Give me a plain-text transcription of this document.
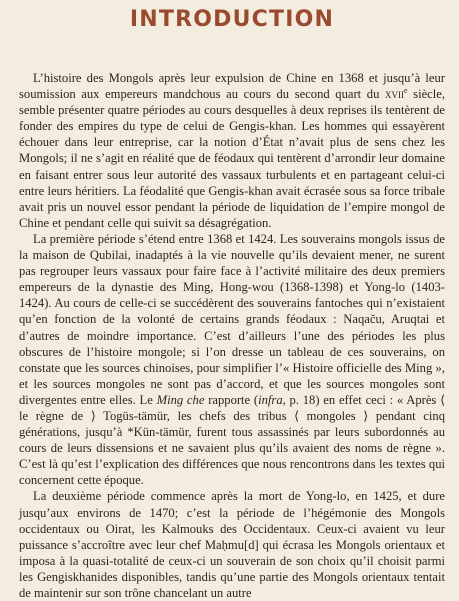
INTRODUCTION

L’histoire des Mongols après leur expulsion de Chine en 1368 et jusqu’à leur soumission aux empereurs mandchous au cours du second quart du xvii$^e$ siècle, semble présenter quatre périodes au cours desquelles à deux reprises ils tentèrent de fonder des empires du type de celui de Gengis-khan. Les hommes qui essayèrent échouer dans leur entreprise, car la notion d’État n’avait plus de sens chez les Mongols; il ne s’agit en réalité que de féodaux qui tentèrent d’arrondir leur domaine en faisant entrer sous leur autorité des vassaux turbulents et en partageant celui-ci entre leurs héritiers. La féodalité que Gengis-khan avait écrasée sous sa force tribale avait pris un nouvel essor pendant la période de liquidation de l’empire mongol de Chine et pendant celle qui suivit sa désagrégation.

La première période s’étend entre 1368 et 1424. Les souverains mongols issus de la maison de Qubilai, inadaptés à la vie nouvelle qu’ils devaient mener, ne surent pas regrouper leurs vassaux pour faire face à l’activité militaire des deux premiers empereurs de la dynastie des Ming, Hong-wou (1368-1398) et Yong-lo (1403-1424). Au cours de celle-ci se succédèrent des souverains fantoches qui n’existaient qu’en fonction de la volonté de certains grands féodaux : Naqaču, Aruqtai et d’autres de moindre importance. C’est d’ailleurs l’une des périodes les plus obscures de l’histoire mongole; si l’on dresse un tableau de ces souverains, on constate que les sources chinoises, pour simplifier l’« Histoire officielle des Ming », et les sources mongoles ne sont pas d’accord, et que les sources mongoles sont divergentes entre elles. Le Ming che rapporte (infra, p. 18) en effet ceci : « Après ⟨ le règne de ⟩ Togüs-tämür, les chefs des tribus ⟨ mongoles ⟩ pendant cinq générations, jusqu’à *Kün-tämür, furent tous assassinés par leurs subordonnés au cours de leurs dissensions et ne savaient plus qu’ils avaient des noms de règne ». C’est là qu’est l’explication des différences que nous rencontrons dans les textes qui concernent cette époque.

La deuxième période commence après la mort de Yong-lo, en 1425, et dure jusqu’aux environs de 1470; c’est la période de l’hégémonie des Mongols occidentaux ou Oirat, les Kalmouks des Occidentaux. Ceux-ci avaient vu leur puissance s’accroître avec leur chef Maḥmu[d] qui écrasa les Mongols orientaux et imposa à la quasi-totalité de ceux-ci un souverain de son choix qu’il choisit parmi les Gengiskhanides disponibles, tandis qu’une partie des Mongols orientaux tentait de maintenir sur son trône chancelant un autre
